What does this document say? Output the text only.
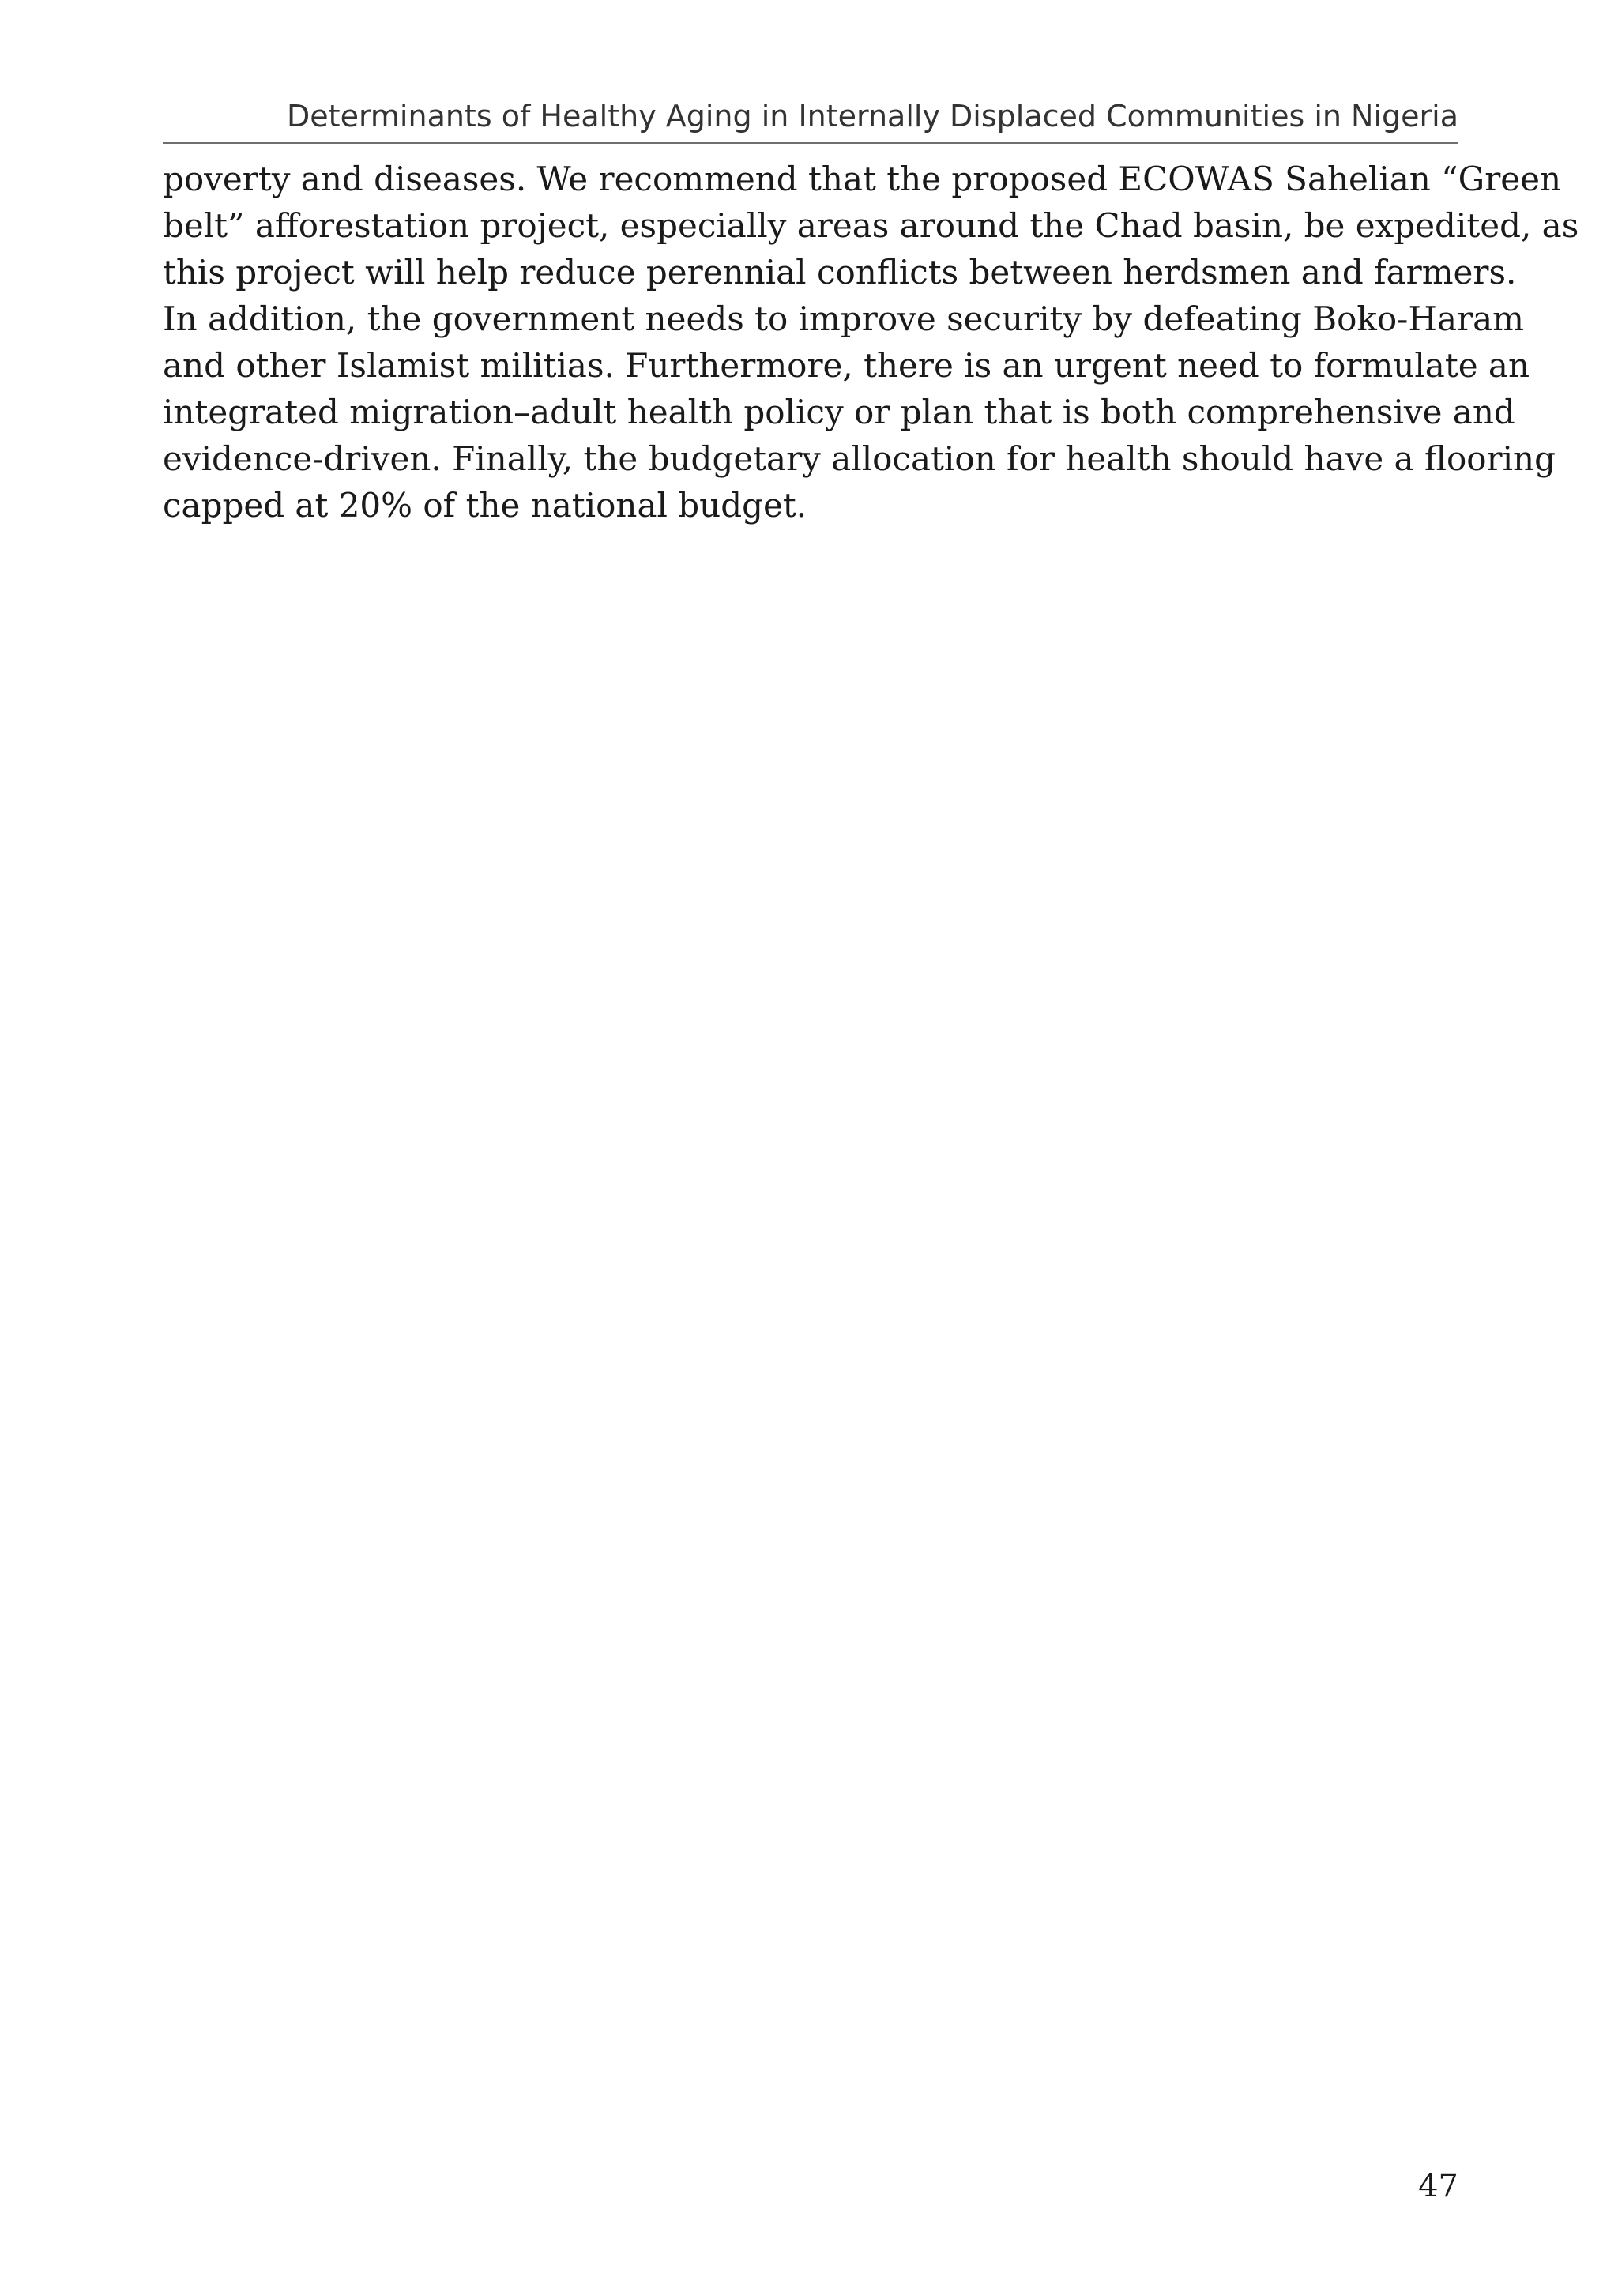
Determinants of Healthy Aging in Internally Displaced Communities in Nigeria
poverty and diseases. We recommend that the proposed ECOWAS Sahelian “Green
belt” afforestation project, especially areas around the Chad basin, be expedited, as
this project will help reduce perennial conflicts between herdsmen and farmers.
In addition, the government needs to improve security by defeating Boko-Haram
and other Islamist militias. Furthermore, there is an urgent need to formulate an
integrated migration–adult health policy or plan that is both comprehensive and
evidence-driven. Finally, the budgetary allocation for health should have a flooring
capped at 20% of the national budget.
47
